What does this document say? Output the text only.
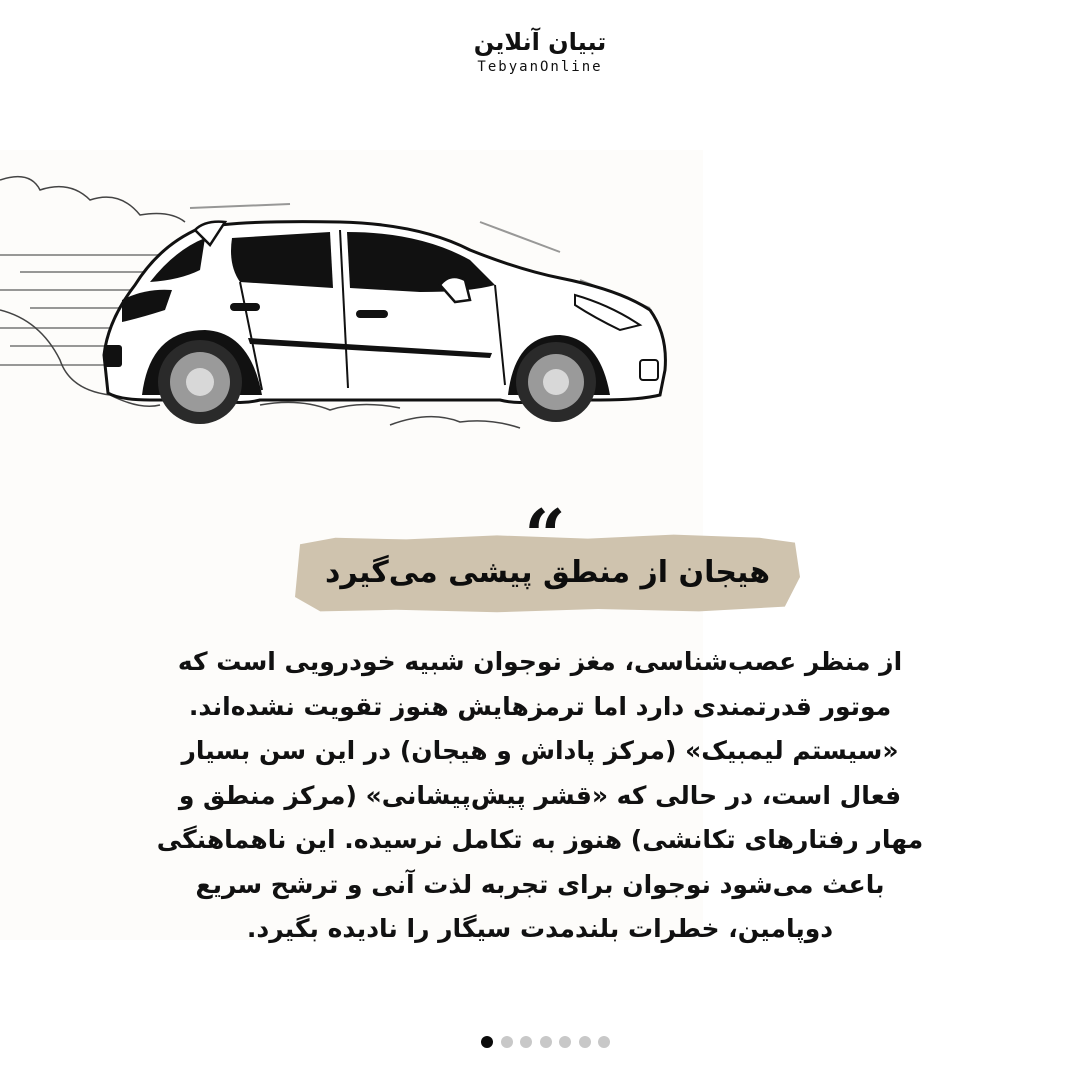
تبیان آنلاین
TebyanOnline
“
هیجان از منطق پیشی می‌گیرد
از منظر عصب‌شناسی، مغز نوجوان شبیه خودرویی است که
موتور قدرتمندی دارد اما ترمزهایش هنوز تقویت نشده‌اند.
«سیستم لیمبیک» (مرکز پاداش و هیجان) در این سن بسیار
فعال است، در حالی که «قشر پیش‌پیشانی» (مرکز منطق و
مهار رفتارهای تکانشی) هنوز به تکامل نرسیده. این ناهماهنگی
باعث می‌شود نوجوان برای تجربه لذت آنی و ترشح سریع
دوپامین، خطرات بلندمدت سیگار را نادیده بگیرد.
